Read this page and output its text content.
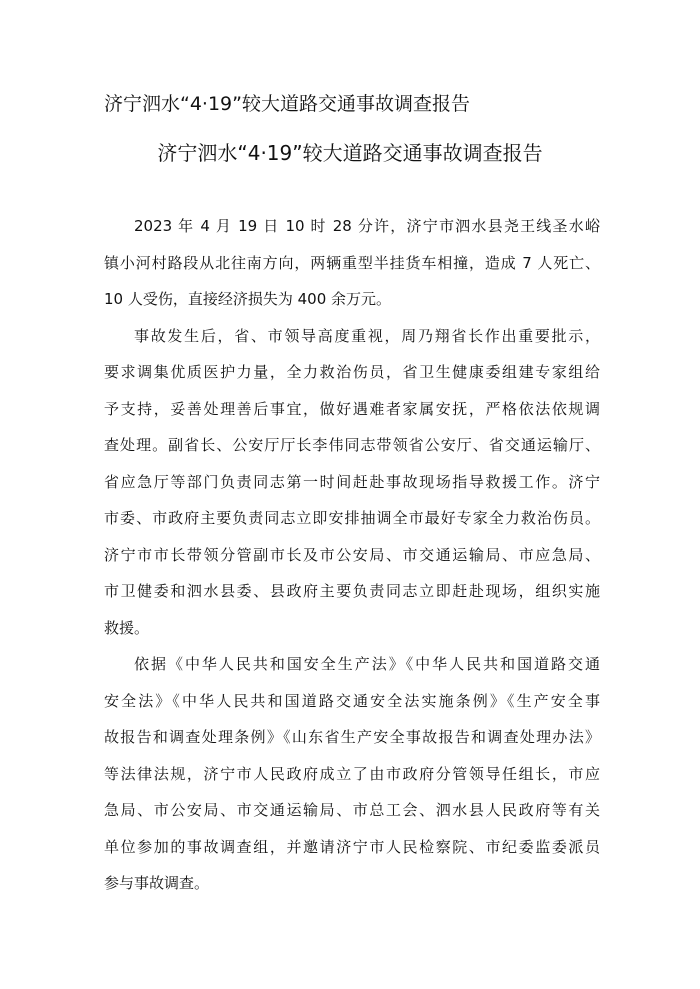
济宁泗水“4·19”较大道路交通事故调查报告
济宁泗水“4·19”较大道路交通事故调查报告
2023 年 4 月 19 日 10 时 28 分许，济宁市泗水县尧王线圣水峪
镇小河村路段从北往南方向，两辆重型半挂货车相撞，造成 7 人死亡、
10 人受伤，直接经济损失为 400 余万元。
事故发生后，省、市领导高度重视，周乃翔省长作出重要批示，
要求调集优质医护力量，全力救治伤员，省卫生健康委组建专家组给
予支持，妥善处理善后事宜，做好遇难者家属安抚，严格依法依规调
查处理。副省长、公安厅厅长李伟同志带领省公安厅、省交通运输厅、
省应急厅等部门负责同志第一时间赶赴事故现场指导救援工作。济宁
市委、市政府主要负责同志立即安排抽调全市最好专家全力救治伤员。
济宁市市长带领分管副市长及市公安局、市交通运输局、市应急局、
市卫健委和泗水县委、县政府主要负责同志立即赶赴现场，组织实施
救援。
依据《中华人民共和国安全生产法》《中华人民共和国道路交通
安全法》《中华人民共和国道路交通安全法实施条例》《生产安全事
故报告和调查处理条例》《山东省生产安全事故报告和调查处理办法》
等法律法规，济宁市人民政府成立了由市政府分管领导任组长，市应
急局、市公安局、市交通运输局、市总工会、泗水县人民政府等有关
单位参加的事故调查组，并邀请济宁市人民检察院、市纪委监委派员
参与事故调查。
